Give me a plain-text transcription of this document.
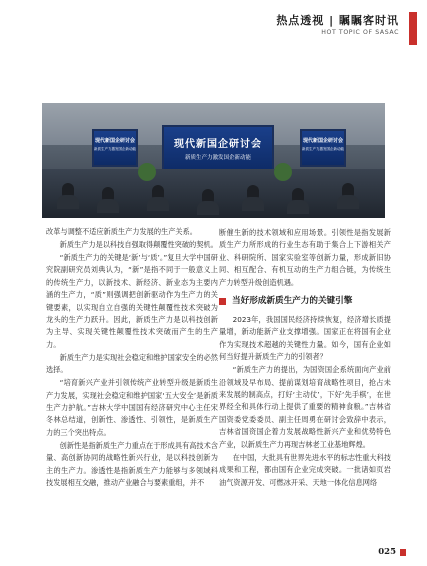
热点透视 | 瞩瞩客时讯
HOT TOPIC OF SASAC
现代新国企研讨会
新质生产力激发国企新动能	现代新国企研讨会
新质生产力激发国企新动能
现代新国企研讨会
新质生产力激发国企新动能

改革与调整不适应新质生产力发展的生产关系。

新质生产力是以科技自强取得颠覆性突破的契机。

“新质生产力的关键是‘新’与‘质’。”复旦大学中国研究院副研究员刘典认为，“新”是指不同于一般意义上的传统生产力，以新技术、新经济、新业态为主要内涵的生产力，“质”则强调把创新驱动作为生产力的关键要素，以实现自立自强的关键性颠覆性技术突破为龙头的生产力跃升。因此，新质生产力是以科技创新为主导、实现关键性颠覆性技术突破而产生的生产力。

新质生产力是实现社会稳定和维护国家安全的必然选择。

“培育新兴产业并引领传统产业转型升级是新质生产力发展，实现社会稳定和维护国家‘五大安全’是新质生产力护航。”吉林大学中国国有经济研究中心主任宋冬林总结道，创新性、渗透性、引领性，是新质生产力的三个突出特点。

创新性是指新质生产力重点在于形成具有高技术含量、高创新协同的战略性新兴行业，是以科技创新为主的生产力。渗透性是指新质生产力能够与多领域科技发展相互交融，推动产业融合与要素重组，并不

断催生新的技术领域和应用场景。引领性是指发展新质生产力所形成的行业生态有助于集合上下游相关产业、科研院所、国家实验室等创新力量，形成新旧协同、相互配合、有机互动的生产力组合链，为传统生产力转型升级创造机遇。

当好形成新质生产力的关键引擎

2023年，我国国民经济持续恢复，经济增长质提量增，新动能新产业支撑增强。国家正在将国有企业作为实现技术超越的关键性力量。如今，国有企业如何当好提升新质生产力的引领者？

“新质生产力的提出，为国资国企系统面向产业前沿领域及早布局、提前谋划培育战略性项目，抢占未来发展的制高点，打好‘主动仗’，下好‘先手棋’，在世界经全和具体行动上提供了重要的精神食粮。”吉林省国资委党委委员、副主任周勇在研讨会致辞中表示，吉林省国资国企着力发展战略性新兴产业和优势特色产业，以新质生产力再现吉林老工业基地辉煌。

在中国，大批具有世界先进水平的标志性重大科技成果和工程，都由国有企业完成突破。一批诸如页岩油气资源开发、可燃冰开采、天地一体化信息网络

025
